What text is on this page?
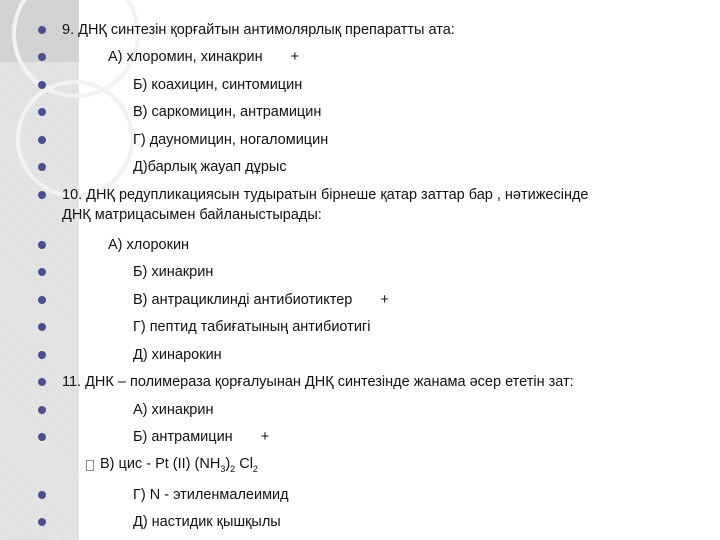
9. ДНҚ синтезін қорғайтын антимолярлық препаратты ата:
А) хлоромин, хинакрин +
Б) коахицин, синтомицин
В) саркомицин, антрамицин
Г) дауномицин, ногаломицин
Д)барлық жауап дұрыс
10. ДНҚ редупликациясын тудыратын бірнеше қатар заттар бар , нәтижесінде
ДНҚ матрицасымен байланыстырады:
А) хлорокин
Б) хинакрин
В) антрациклинді антибиотиктер +
Г) пептид табиғатының антибиотигі
Д) хинарокин
11. ДНК – полимераза қорғалуынан ДНҚ синтезінде жанама әсер ететін зат:
А) хинакрин
Б) антрамицин +
В) цис - Pt (II) $(NH_3)_2$ $Cl_2$
Г) N - этиленмалеимид
Д) настидик қышқылы
